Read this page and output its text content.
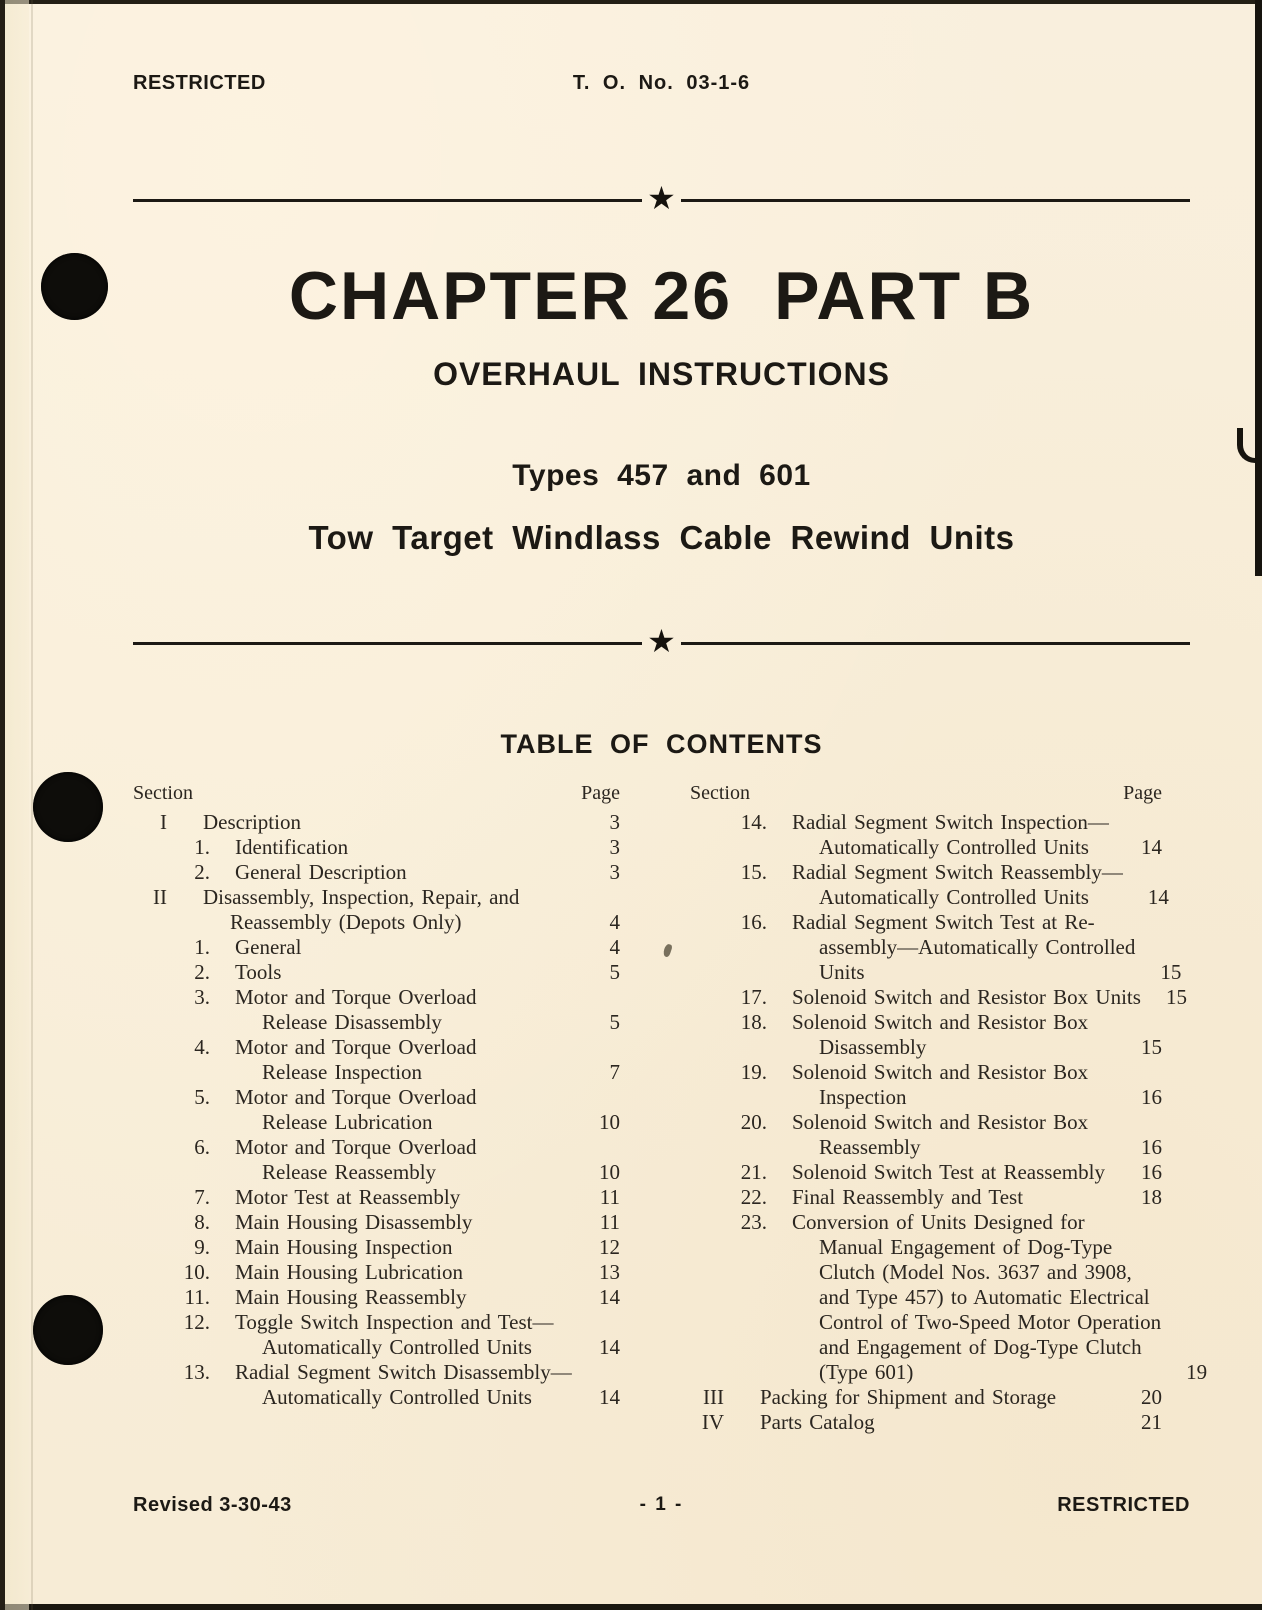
T. O. No. 03-1-6
RESTRICTED
★
CHAPTER 26 PART B
OVERHAUL INSTRUCTIONS
Types 457 and 601
Tow Target Windlass Cable Rewind Units
★
TABLE OF CONTENTS
Section	Page
I Description	3
1.	Identification	3
2.	General Description	3
II Disassembly, Inspection, Repair, and
Reassembly (Depots Only)	4
1.	General	4
2.	Tools	5
3.	Motor and Torque Overload
Release Disassembly	5
4.	Motor and Torque Overload
Release Inspection	7
5.	Motor and Torque Overload
Release Lubrication	10
6.	Motor and Torque Overload
Release Reassembly	10
7.	Motor Test at Reassembly	11
8.	Main Housing Disassembly	11
9.	Main Housing Inspection	12
10.	Main Housing Lubrication	13
11.	Main Housing Reassembly	14
12.	Toggle Switch Inspection and Test—
Automatically Controlled Units	14
13.	Radial Segment Switch Disassembly—
Automatically Controlled Units	14
Section	Page
14.	Radial Segment Switch Inspection—
Automatically Controlled Units	14
15.	Radial Segment Switch Reassembly—
Automatically Controlled Units	14
16.	Radial Segment Switch Test at Re-
assembly—Automatically Controlled
Units	15
17.	Solenoid Switch and Resistor Box Units	15
18.	Solenoid Switch and Resistor Box
Disassembly	15
19.	Solenoid Switch and Resistor Box
Inspection	16
20.	Solenoid Switch and Resistor Box
Reassembly	16
21.	Solenoid Switch Test at Reassembly	16
22.	Final Reassembly and Test	18
23.	Conversion of Units Designed for
Manual Engagement of Dog-Type
Clutch (Model Nos. 3637 and 3908,
and Type 457) to Automatic Electrical
Control of Two-Speed Motor Operation
and Engagement of Dog-Type Clutch
(Type 601)	19
III Packing for Shipment and Storage	20
IV Parts Catalog	21
- 1 -
Revised 3-30-43	RESTRICTED
